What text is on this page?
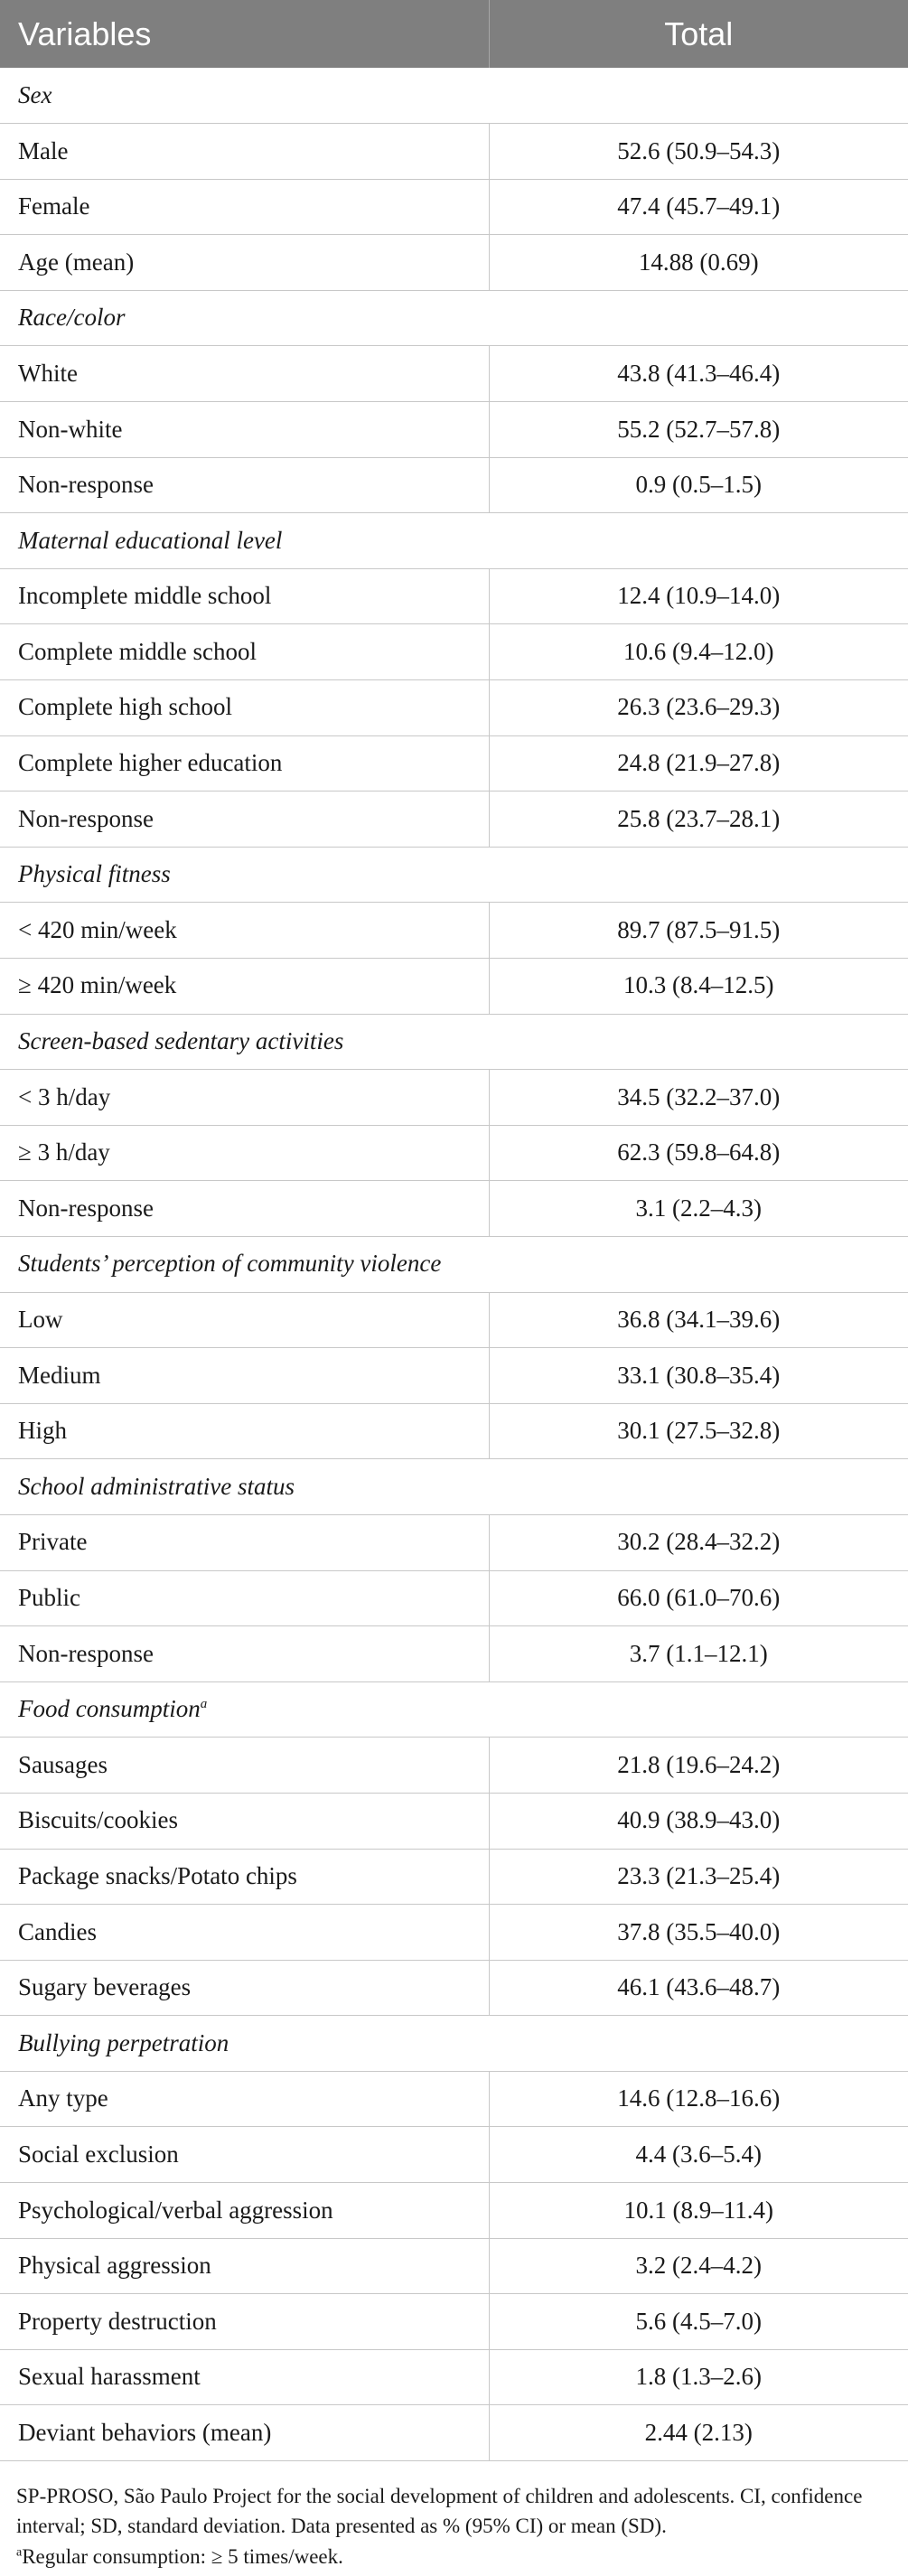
Variables	Total
Sex	
Male	52.6 (50.9–54.3)
Female	47.4 (45.7–49.1)
Age (mean)	14.88 (0.69)
Race/color	
White	43.8 (41.3–46.4)
Non-white	55.2 (52.7–57.8)
Non-response	0.9 (0.5–1.5)
Maternal educational level	
Incomplete middle school	12.4 (10.9–14.0)
Complete middle school	10.6 (9.4–12.0)
Complete high school	26.3 (23.6–29.3)
Complete higher education	24.8 (21.9–27.8)
Non-response	25.8 (23.7–28.1)
Physical fitness	
< 420 min/week	89.7 (87.5–91.5)
≥ 420 min/week	10.3 (8.4–12.5)
Screen-based sedentary activities	
< 3 h/day	34.5 (32.2–37.0)
≥ 3 h/day	62.3 (59.8–64.8)
Non-response	3.1 (2.2–4.3)
Students’ perception of community violence	
Low	36.8 (34.1–39.6)
Medium	33.1 (30.8–35.4)
High	30.1 (27.5–32.8)
School administrative status	
Private	30.2 (28.4–32.2)
Public	66.0 (61.0–70.6)
Non-response	3.7 (1.1–12.1)
Food consumption$^a$
Sausages	21.8 (19.6–24.2)
Biscuits/cookies	40.9 (38.9–43.0)
Package snacks/Potato chips	23.3 (21.3–25.4)
Candies	37.8 (35.5–40.0)
Sugary beverages	46.1 (43.6–48.7)
Bullying perpetration	
Any type	14.6 (12.8–16.6)
Social exclusion	4.4 (3.6–5.4)
Psychological/verbal aggression	10.1 (8.9–11.4)
Physical aggression	3.2 (2.4–4.2)
Property destruction	5.6 (4.5–7.0)
Sexual harassment	1.8 (1.3–2.6)
Deviant behaviors (mean)	2.44 (2.13)

SP-PROSO, São Paulo Project for the social development of children and adolescents. CI, confidence interval; SD, standard deviation. Data presented as % (95% CI) or mean (SD).

$^a$Regular consumption: ≥ 5 times/week.
